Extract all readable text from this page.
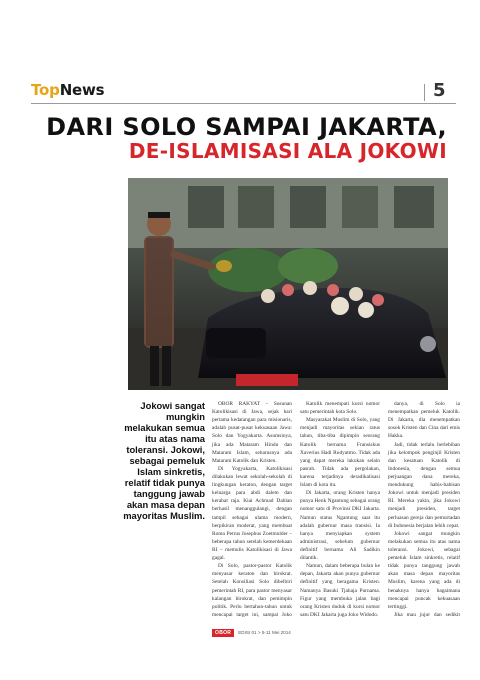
TopNews	5
DARI SOLO SAMPAI JAKARTA,
DE-ISLAMISASI ALA JOKOWI
Jokowi sangat mungkin melakukan semua itu atas nama toleransi. Jokowi, sebagai pemeluk Islam sinkretis, relatif tidak punya tanggung jawab akan masa depan mayoritas Muslim.

OBOR RAKYAT – Susunan Katolikisasi di Jawa, sejak hari pertama kedatangan para misionaris, adalah pusat-pusat kekuasaan Jawa: Solo dan Yogyakarta. Asumsinya, jika ada Mataram Hindu dan Mataram Islam, seharusnya ada Mataram Katolik dan Kristen.

Di Yogyakarta, Katolikisasi dilakukan lewat sekolah-sekolah di lingkungan keraton, dengan target keluarga para abdi dalem dan kerabat raja. Kiai Achmad Dahlan berhasil menanggulangi, dengan tampil sebagai ulama modern, berpikiran moderat, yang membuat Romo Petrus Josephus Zoetmulder – beberapa tahun setelah kemerdekaan RI – memulis Katolikisasi di Jawa gagal.

Di Solo, pastor-pastor Katolik menyasar keraton dan birokrat. Setelah Konsiliasi Solo dibelbiri pemerintah RI, para pastor menyasar kalangan birokrat, dan pemimpin politik. Perlu bertahun-tahun untuk mencapai target ini, sampai Joko

Katolik menempati kursi nomor satu pemerintah kota Solo.

Masyarakat Muslim di Solo, yang menjadi mayoritas sekian ratus tahun, tiba-tiba dipimpin seorang Katolik bernama Fransiskus Xaverius Hadi Rudyatmo. Tidak ada yang dapat mereka lakukan selain pasrah. Tidak ada pergolakan, karena terjadinya deradikalisasi Islam di kota itu.

Di Jakarta, orang Kristen hanya punya Henk Ngantung sebagai orang nomor satu di Provinsi DKI Jakarta. Namun status Ngantung saat itu adalah gubernur masa transisi. Ia hanya menyiapkan system administrasi, sebelum gubernur definitif bernama Ali Sadikin dilantik.

Namun, dalam beberapa bulan ke depan, Jakarta akan punya gubernur definitif yang beragama Kristen. Namanya Basuki Tjahaja Purnama. Figur yang membuka jalan bagi orang Kristen duduk di kursi nomor satu DKI Jakarta juga Joko Widodo.

danya, di Solo ia menempatkan pemeluk Katolik. Di Jakarta, dia menempatkan sosok Kristen dan Cina dari etnis Hakka.

Jadi, tidak terlalu berlebihan jika kelompok penginjil Kristen dan kesatuan Katolik di Indonesia, dengan semua perjuangan dana mereka, mendukung habis-habisan Jokowi untuk menjadi presiden RI. Mereka yakin, jika Jokowi menjadi presiden, target perluasan gereja dan pemurtadan di Indonesia berjalan lebih cepat.

Jokowi sangat mungkin melakukan semua itu atas nama toleransi. Jokowi, sebagai pemeluk Islam sinkretis, relatif tidak punya tanggung jawab akan masa depan mayoritas Muslim, karena yang ada di benaknya hanya bagaimana mencapai puncak kekuasaan tertinggi.

Jika mau jujur dan sedikit

OBOR	EDISI 01 > 5-11 Mei 2014
